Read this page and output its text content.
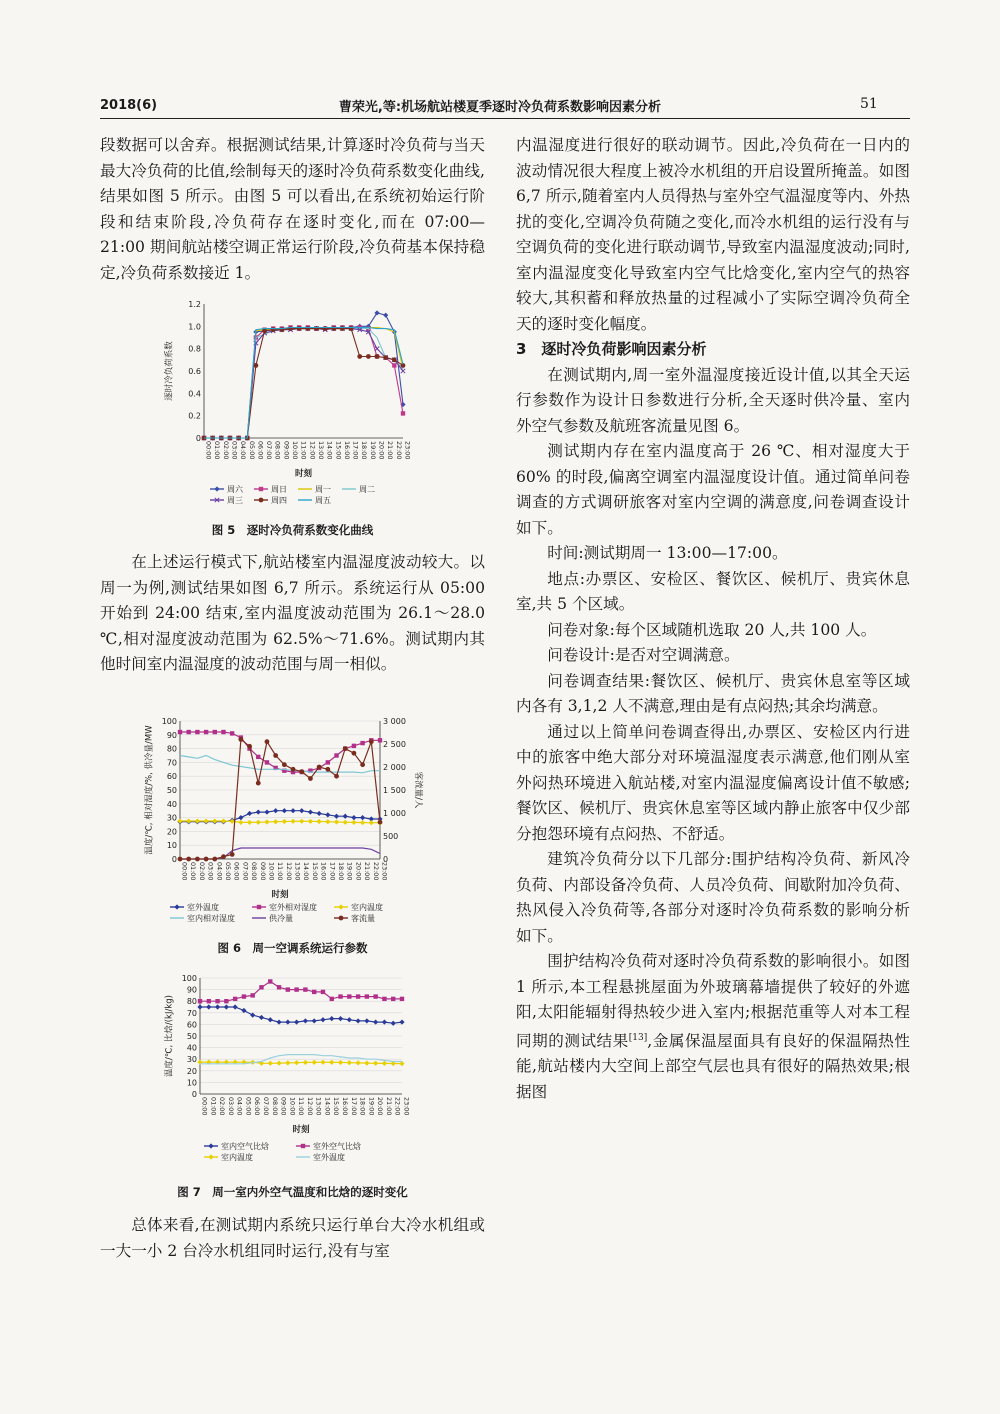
2018(6)	曹荣光,等:机场航站楼夏季逐时冷负荷系数影响因素分析	51

段数据可以舍弃。根据测试结果,计算逐时冷负荷与当天最大冷负荷的比值,绘制每天的逐时冷负荷系数变化曲线,结果如图 5 所示。由图 5 可以看出,在系统初始运行阶段和结束阶段,冷负荷存在逐时变化,而在 07:00—21:00 期间航站楼空调正常运行阶段,冷负荷基本保持稳定,冷负荷系数接近 1。

逐时冷负荷系数
0
0.2
0.4
0.6
0.8
1.0
1.2
00:00 01:00 02:00 03:00 04:00 05:00 06:00 07:00 08:00 09:00 10:00 11:00 12:00 13:00 14:00 15:00 16:00 17:00 18:00 19:00 20:00 21:00 22:00 23:00
时刻
周六	周日	周一	周二
周三	周四	周五
图 5　逐时冷负荷系数变化曲线

在上述运行模式下,航站楼室内温湿度波动较大。以周一为例,测试结果如图 6,7 所示。系统运行从 05:00 开始到 24:00 结束,室内温度波动范围为 26.1～28.0 ℃,相对湿度波动范围为 62.5%～71.6%。测试期内其他时间室内温湿度的波动范围与周一相似。

温度/℃, 相对湿度/%, 供冷量/MW
0
10
20
30
40
50
60
70
80
90
100
0
500
1 000
1 500
2 000
2 500
3 000
客流量/人
00:00 01:00 02:00 03:00 04:00 05:00 06:00 07:00 08:00 09:00 10:00 11:00 12:00 13:00 14:00 15:00 16:00 17:00 18:00 19:00 20:00 21:00 22:00 23:00
时刻
室外温度	室外相对湿度	室内温度
室内相对湿度	供冷量	客流量
图 6　周一空调系统运行参数
温度/℃, 比焓/(kJ/kg)
0
10
20
30
40
50
60
70
80
90
100
00:00 01:00 02:00 03:00 04:00 05:00 06:00 07:00 08:00 09:00 10:00 11:00 12:00 13:00 14:00 15:00 16:00 17:00 18:00 19:00 20:00 21:00 22:00 23:00
时刻
室内空气比焓	室外空气比焓
室内温度	室外温度
图 7　周一室内外空气温度和比焓的逐时变化

总体来看,在测试期内系统只运行单台大冷水机组或一大一小 2 台冷水机组同时运行,没有与室

内温湿度进行很好的联动调节。因此,冷负荷在一日内的波动情况很大程度上被冷水机组的开启设置所掩盖。如图 6,7 所示,随着室内人员得热与室外空气温湿度等内、外热扰的变化,空调冷负荷随之变化,而冷水机组的运行没有与空调负荷的变化进行联动调节,导致室内温湿度波动;同时,室内温湿度变化导致室内空气比焓变化,室内空气的热容较大,其积蓄和释放热量的过程减小了实际空调冷负荷全天的逐时变化幅度。

3　逐时冷负荷影响因素分析

在测试期内,周一室外温湿度接近设计值,以其全天运行参数作为设计日参数进行分析,全天逐时供冷量、室内外空气参数及航班客流量见图 6。

测试期内存在室内温度高于 26 ℃、相对湿度大于 60% 的时段,偏离空调室内温湿度设计值。通过简单问卷调查的方式调研旅客对室内空调的满意度,问卷调查设计如下。

时间:测试期周一 13:00—17:00。

地点:办票区、安检区、餐饮区、候机厅、贵宾休息室,共 5 个区域。

问卷对象:每个区域随机选取 20 人,共 100 人。

问卷设计:是否对空调满意。

问卷调查结果:餐饮区、候机厅、贵宾休息室等区域内各有 3,1,2 人不满意,理由是有点闷热;其余均满意。

通过以上简单问卷调查得出,办票区、安检区内行进中的旅客中绝大部分对环境温湿度表示满意,他们刚从室外闷热环境进入航站楼,对室内温湿度偏离设计值不敏感;餐饮区、候机厅、贵宾休息室等区域内静止旅客中仅少部分抱怨环境有点闷热、不舒适。

建筑冷负荷分以下几部分:围护结构冷负荷、新风冷负荷、内部设备冷负荷、人员冷负荷、间歇附加冷负荷、热风侵入冷负荷等,各部分对逐时冷负荷系数的影响分析如下。

围护结构冷负荷对逐时冷负荷系数的影响很小。如图 1 所示,本工程悬挑屋面为外玻璃幕墙提供了较好的外遮阳,太阳能辐射得热较少进入室内;根据范重等人对本工程同期的测试结果[13],金属保温屋面具有良好的保温隔热性能,航站楼内大空间上部空气层也具有很好的隔热效果;根据图
